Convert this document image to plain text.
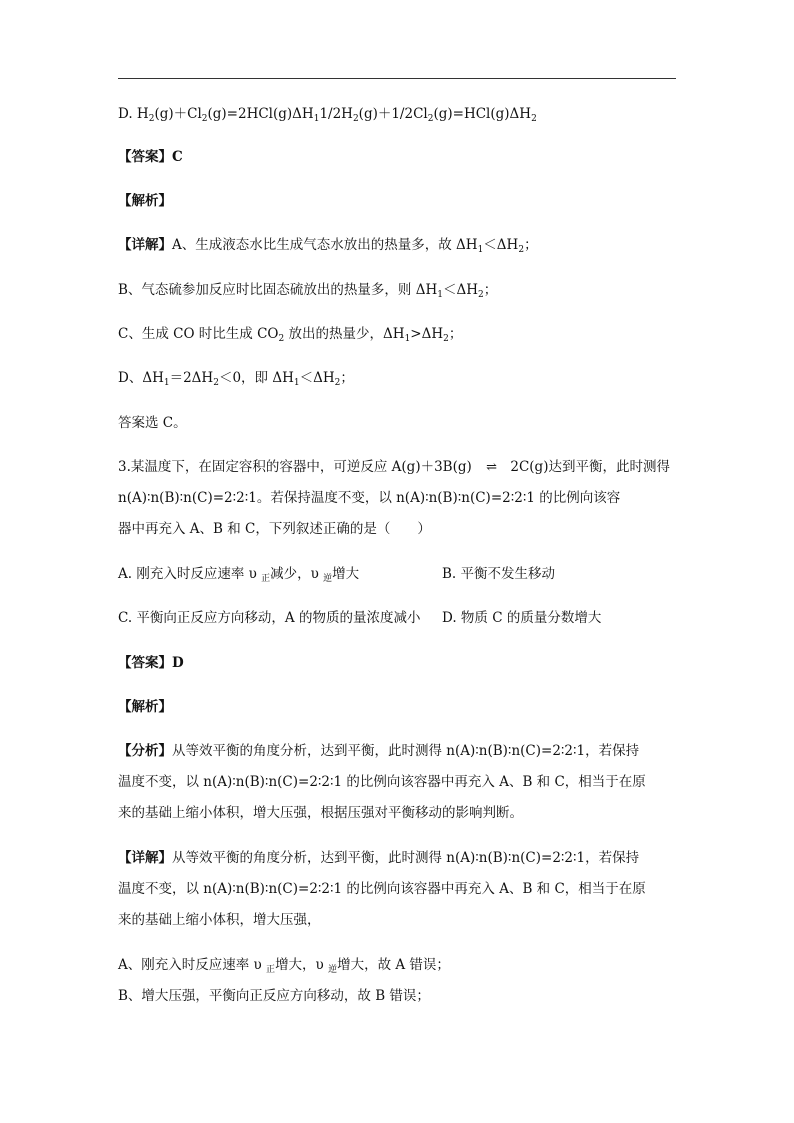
D. $H_2(g)+Cl_2(g)=2HCl(g)\Delta H_11/2H_2(g)+1/2Cl_2(g)=HCl(g)\Delta H_2$
【答案】C
【解析】
【详解】A、生成液态水比生成气态水放出的热量多，故 $\Delta H_1<\Delta H_2$；
B、气态硫参加反应时比固态硫放出的热量多，则 $\Delta H_1<\Delta H_2$；
C、生成 CO 时比生成 $CO_2$ 放出的热量少，$\Delta H_1>\Delta H_2$；
D、$\Delta H_1=2\Delta H_2<0$，即 $\Delta H_1<\Delta H_2$；
答案选 C。
3.某温度下，在固定容积的容器中，可逆反应 A(g)＋3B(g) ⇌ 2C(g)达到平衡，此时测得
n(A)∶n(B)∶n(C)=2∶2∶1。若保持温度不变，以 n(A)∶n(B)∶n(C)=2∶2∶1 的比例向该容
器中再充入 A、B 和 C，下列叙述正确的是（　　）
A. 刚充入时反应速率 υ $_正$减少，υ $_逆$增大	B. 平衡不发生移动
C. 平衡向正反应方向移动，A 的物质的量浓度减小 D. 物质 C 的质量分数增大
【答案】D
【解析】
【分析】从等效平衡的角度分析，达到平衡，此时测得 n(A)∶n(B)∶n(C)=2∶2∶1，若保持
温度不变，以 n(A)∶n(B)∶n(C)=2∶2∶1 的比例向该容器中再充入 A、B 和 C，相当于在原
来的基础上缩小体积，增大压强，根据压强对平衡移动的影响判断。
【详解】从等效平衡的角度分析，达到平衡，此时测得 n(A)∶n(B)∶n(C)=2∶2∶1，若保持
温度不变，以 n(A)∶n(B)∶n(C)=2∶2∶1 的比例向该容器中再充入 A、B 和 C，相当于在原
来的基础上缩小体积，增大压强，
A、刚充入时反应速率 υ $_正$增大，υ $_逆$增大，故 A 错误；
B、增大压强，平衡向正反应方向移动，故 B 错误；
